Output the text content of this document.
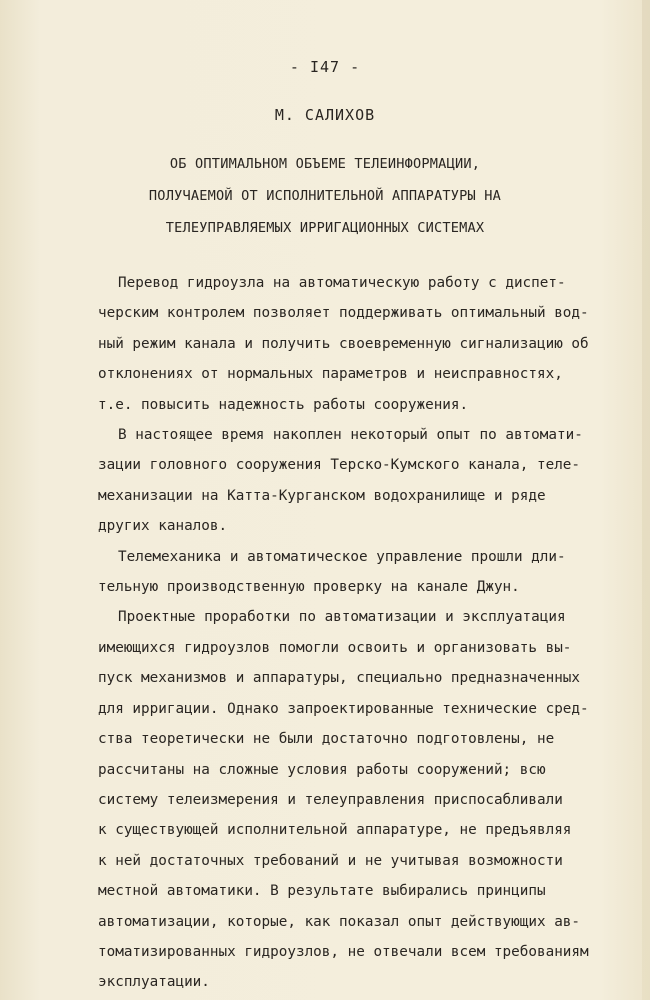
- I47 -
М. САЛИХОВ
ОБ ОПТИМАЛЬНОМ ОБЪЕМЕ ТЕЛЕИНФОРМАЦИИ,
ПОЛУЧАЕМОЙ ОТ ИСПОЛНИТЕЛЬНОЙ АППАРАТУРЫ НА
ТЕЛЕУПРАВЛЯЕМЫХ ИРРИГАЦИОННЫХ СИСТЕМАХ
Перевод гидроузла на автоматическую работу с диспет-
черским контролем позволяет поддерживать оптимальный вод-
ный режим канала и получить своевременную сигнализацию об
отклонениях от нормальных параметров и неисправностях,
т.е. повысить надежность работы сооружения.
В настоящее время накоплен некоторый опыт по автомати-
зации головного сооружения Терско-Кумского канала, теле-
механизации на Катта-Курганском водохранилище и ряде
других каналов.
Телемеханика и автоматическое управление прошли дли-
тельную производственную проверку на канале Джун.
Проектные проработки по автоматизации и эксплуатация
имеющихся гидроузлов помогли освоить и организовать вы-
пуск механизмов и аппаратуры, специально предназначенных
для ирригации. Однако запроектированные технические сред-
ства теоретически не были достаточно подготовлены, не
рассчитаны на сложные условия работы сооружений; всю
систему телеизмерения и телеуправления приспосабливали
к существующей исполнительной аппаратуре, не предъявляя
к ней достаточных требований и не учитывая возможности
местной автоматики. В результате выбирались принципы
автоматизации, которые, как показал опыт действующих ав-
томатизированных гидроузлов, не отвечали всем требованиям
эксплуатации.
